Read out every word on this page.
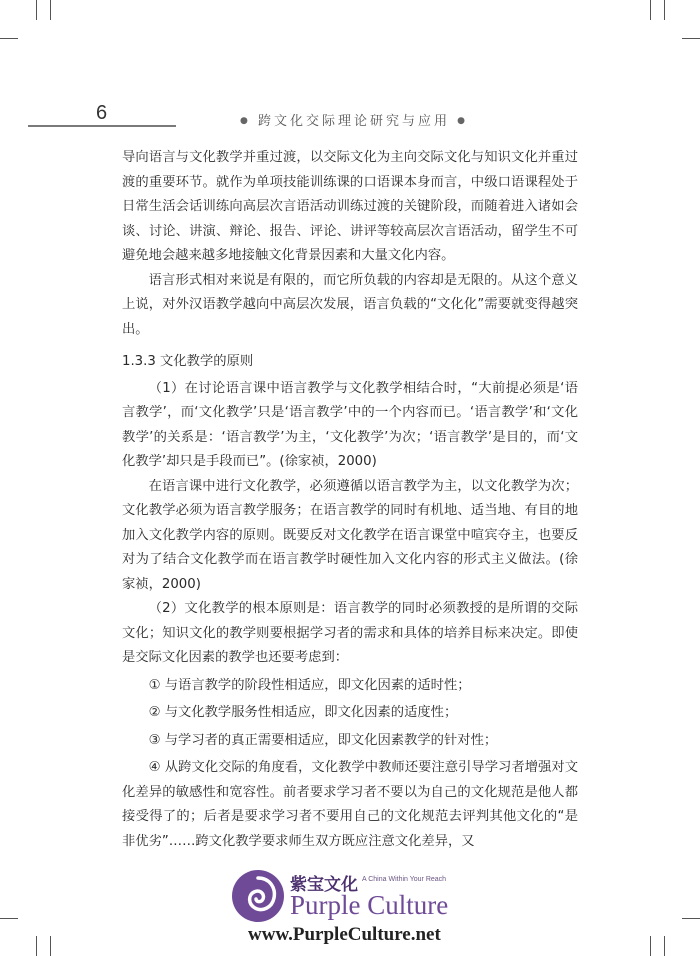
6	● 跨文化交际理论研究与应用 ●

导向语言与文化教学并重过渡，以交际文化为主向交际文化与知识文化并重过渡的重要环节。就作为单项技能训练课的口语课本身而言，中级口语课程处于日常生活会话训练向高层次言语活动训练过渡的关键阶段，而随着进入诸如会谈、讨论、讲演、辩论、报告、评论、讲评等较高层次言语活动，留学生不可避免地会越来越多地接触文化背景因素和大量文化内容。

语言形式相对来说是有限的，而它所负载的内容却是无限的。从这个意义上说，对外汉语教学越向中高层次发展，语言负载的“文化化”需要就变得越突出。

1.3.3 文化教学的原则

（1）在讨论语言课中语言教学与文化教学相结合时，“大前提必须是‘语言教学’，而‘文化教学’只是‘语言教学’中的一个内容而已。‘语言教学’和‘文化教学’的关系是：‘语言教学’为主，‘文化教学’为次；‘语言教学’是目的，而‘文化教学’却只是手段而已”。(徐家祯，2000)

在语言课中进行文化教学，必须遵循以语言教学为主，以文化教学为次；文化教学必须为语言教学服务；在语言教学的同时有机地、适当地、有目的地加入文化教学内容的原则。既要反对文化教学在语言课堂中喧宾夺主，也要反对为了结合文化教学而在语言教学时硬性加入文化内容的形式主义做法。(徐家祯，2000)

（2）文化教学的根本原则是：语言教学的同时必须教授的是所谓的交际文化；知识文化的教学则要根据学习者的需求和具体的培养目标来决定。即使是交际文化因素的教学也还要考虑到：

① 与语言教学的阶段性相适应，即文化因素的适时性；

② 与文化教学服务性相适应，即文化因素的适度性；

③ 与学习者的真正需要相适应，即文化因素教学的针对性；

④ 从跨文化交际的角度看，文化教学中教师还要注意引导学习者增强对文化差异的敏感性和宽容性。前者要求学习者不要以为自己的文化规范是他人都接受得了的；后者是要求学习者不要用自己的文化规范去评判其他文化的“是非优劣”……跨文化教学要求师生双方既应注意文化差异，又

紫宝文化 A China Within Your Reach
Purple Culture
www.PurpleCulture.net
